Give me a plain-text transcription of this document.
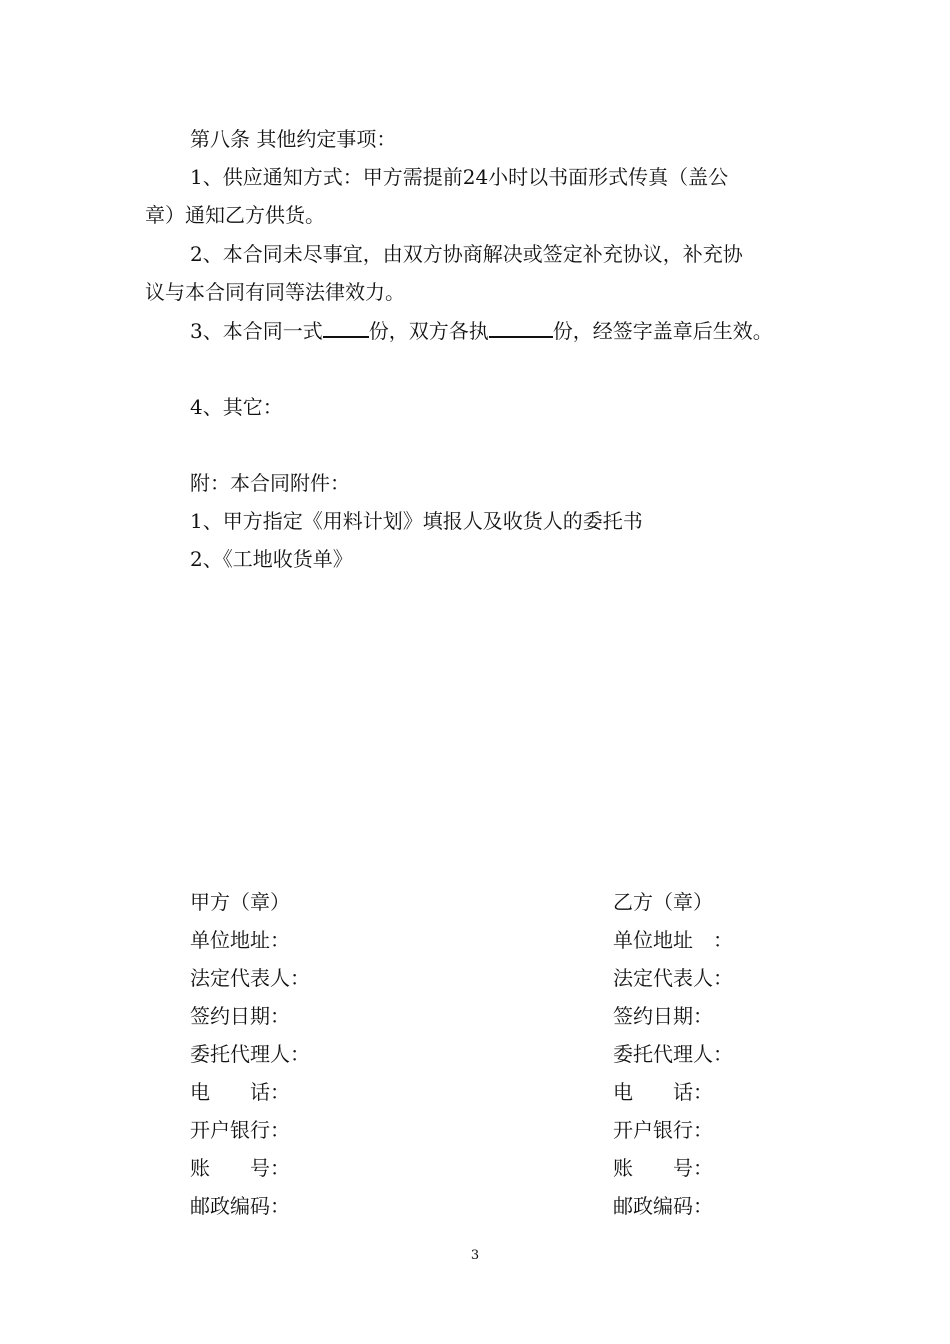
第八条 其他约定事项：
1、供应通知方式：甲方需提前24小时以书面形式传真（盖公
章）通知乙方供货。
2、本合同未尽事宜，由双方协商解决或签定补充协议，补充协
议与本合同有同等法律效力。
3、本合同一式 份，双方各执	份，经签字盖章后生效。
4、其它：
附：本合同附件：
1、甲方指定《用料计划》填报人及收货人的委托书
2、《工地收货单》
甲方（章）
单位地址：
法定代表人：
签约日期：
委托代理人：
电　　话：
开户银行：
账　　号：
邮政编码：
乙方（章）
单位地址　：
法定代表人：
签约日期：
委托代理人：
电　　话：
开户银行：
账　　号：
邮政编码：
3
